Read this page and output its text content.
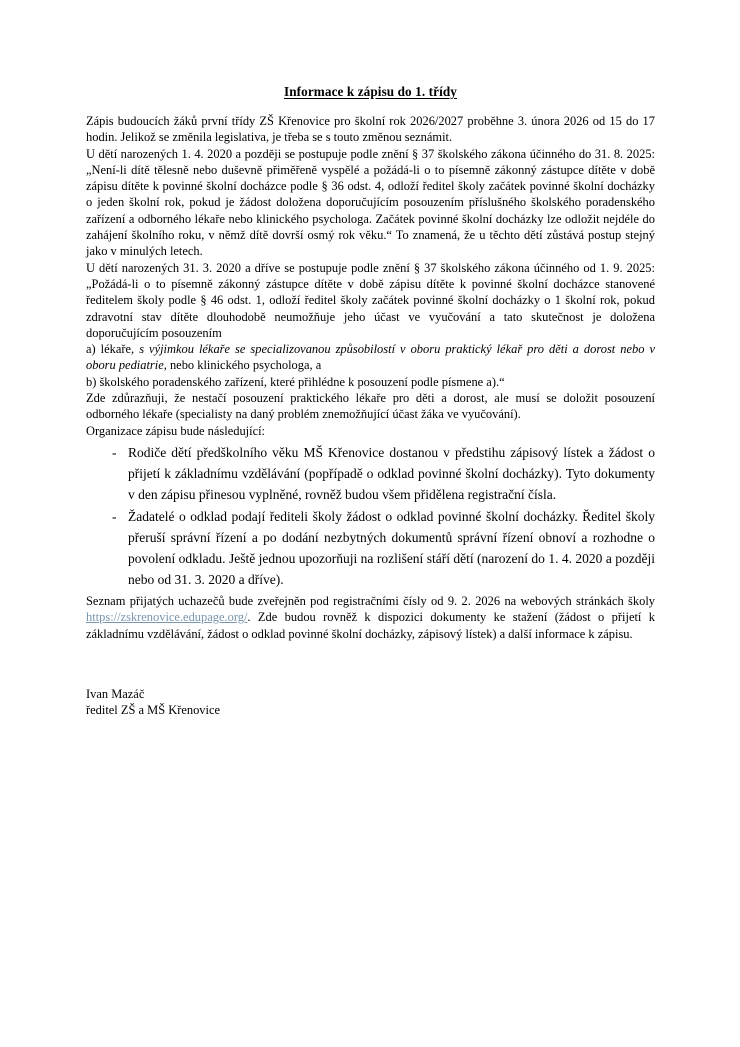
Informace k zápisu do 1. třídy

Zápis budoucích žáků první třídy ZŠ Křenovice pro školní rok 2026/2027 proběhne 3. února 2026 od 15 do 17 hodin. Jelikož se změnila legislativa, je třeba se s touto změnou seznámit.

U dětí narozených 1. 4. 2020 a později se postupuje podle znění § 37 školského zákona účinného do 31. 8. 2025: „Není-li dítě tělesně nebo duševně přiměřeně vyspělé a požádá-li o to písemně zákonný zástupce dítěte v době zápisu dítěte k povinné školní docházce podle § 36 odst. 4, odloží ředitel školy začátek povinné školní docházky o jeden školní rok, pokud je žádost doložena doporučujícím posouzením příslušného školského poradenského zařízení a odborného lékaře nebo klinického psychologa. Začátek povinné školní docházky lze odložit nejdéle do zahájení školního roku, v němž dítě dovrší osmý rok věku.“ To znamená, že u těchto dětí zůstává postup stejný jako v minulých letech.

U dětí narozených 31. 3. 2020 a dříve se postupuje podle znění § 37 školského zákona účinného od 1. 9. 2025: „Požádá-li o to písemně zákonný zástupce dítěte v době zápisu dítěte k povinné školní docházce stanovené ředitelem školy podle § 46 odst. 1, odloží ředitel školy začátek povinné školní docházky o 1 školní rok, pokud zdravotní stav dítěte dlouhodobě neumožňuje jeho účast ve vyučování a tato skutečnost je doložena doporučujícím posouzením

a) lékaře, s výjimkou lékaře se specializovanou způsobilostí v oboru praktický lékař pro děti a dorost nebo v oboru pediatrie, nebo klinického psychologa, a

b) školského poradenského zařízení, které přihlédne k posouzení podle písmene a).“

Zde zdůrazňuji, že nestačí posouzení praktického lékaře pro děti a dorost, ale musí se doložit posouzení odborného lékaře (specialisty na daný problém znemožňující účast žáka ve vyučování).

Organizace zápisu bude následující:

- Rodiče dětí předškolního věku MŠ Křenovice dostanou v předstihu zápisový lístek a žádost o přijetí k základnímu vzdělávání (popřípadě o odklad povinné školní docházky). Tyto dokumenty v den zápisu přinesou vyplněné, rovněž budou všem přidělena registrační čísla.
- Žadatelé o odklad podají řediteli školy žádost o odklad povinné školní docházky. Ředitel školy přeruší správní řízení a po dodání nezbytných dokumentů správní řízení obnoví a rozhodne o povolení odkladu. Ještě jednou upozorňuji na rozlišení stáří dětí (narození do 1. 4. 2020 a později nebo od 31. 3. 2020 a dříve).

Seznam přijatých uchazečů bude zveřejněn pod registračními čísly od 9. 2. 2026 na webových stránkách školy https://zskrenovice.edupage.org/. Zde budou rovněž k dispozici dokumenty ke stažení (žádost o přijetí k základnímu vzdělávání, žádost o odklad povinné školní docházky, zápisový lístek) a další informace k zápisu.

Ivan Mazáč
ředitel ZŠ a MŠ Křenovice
